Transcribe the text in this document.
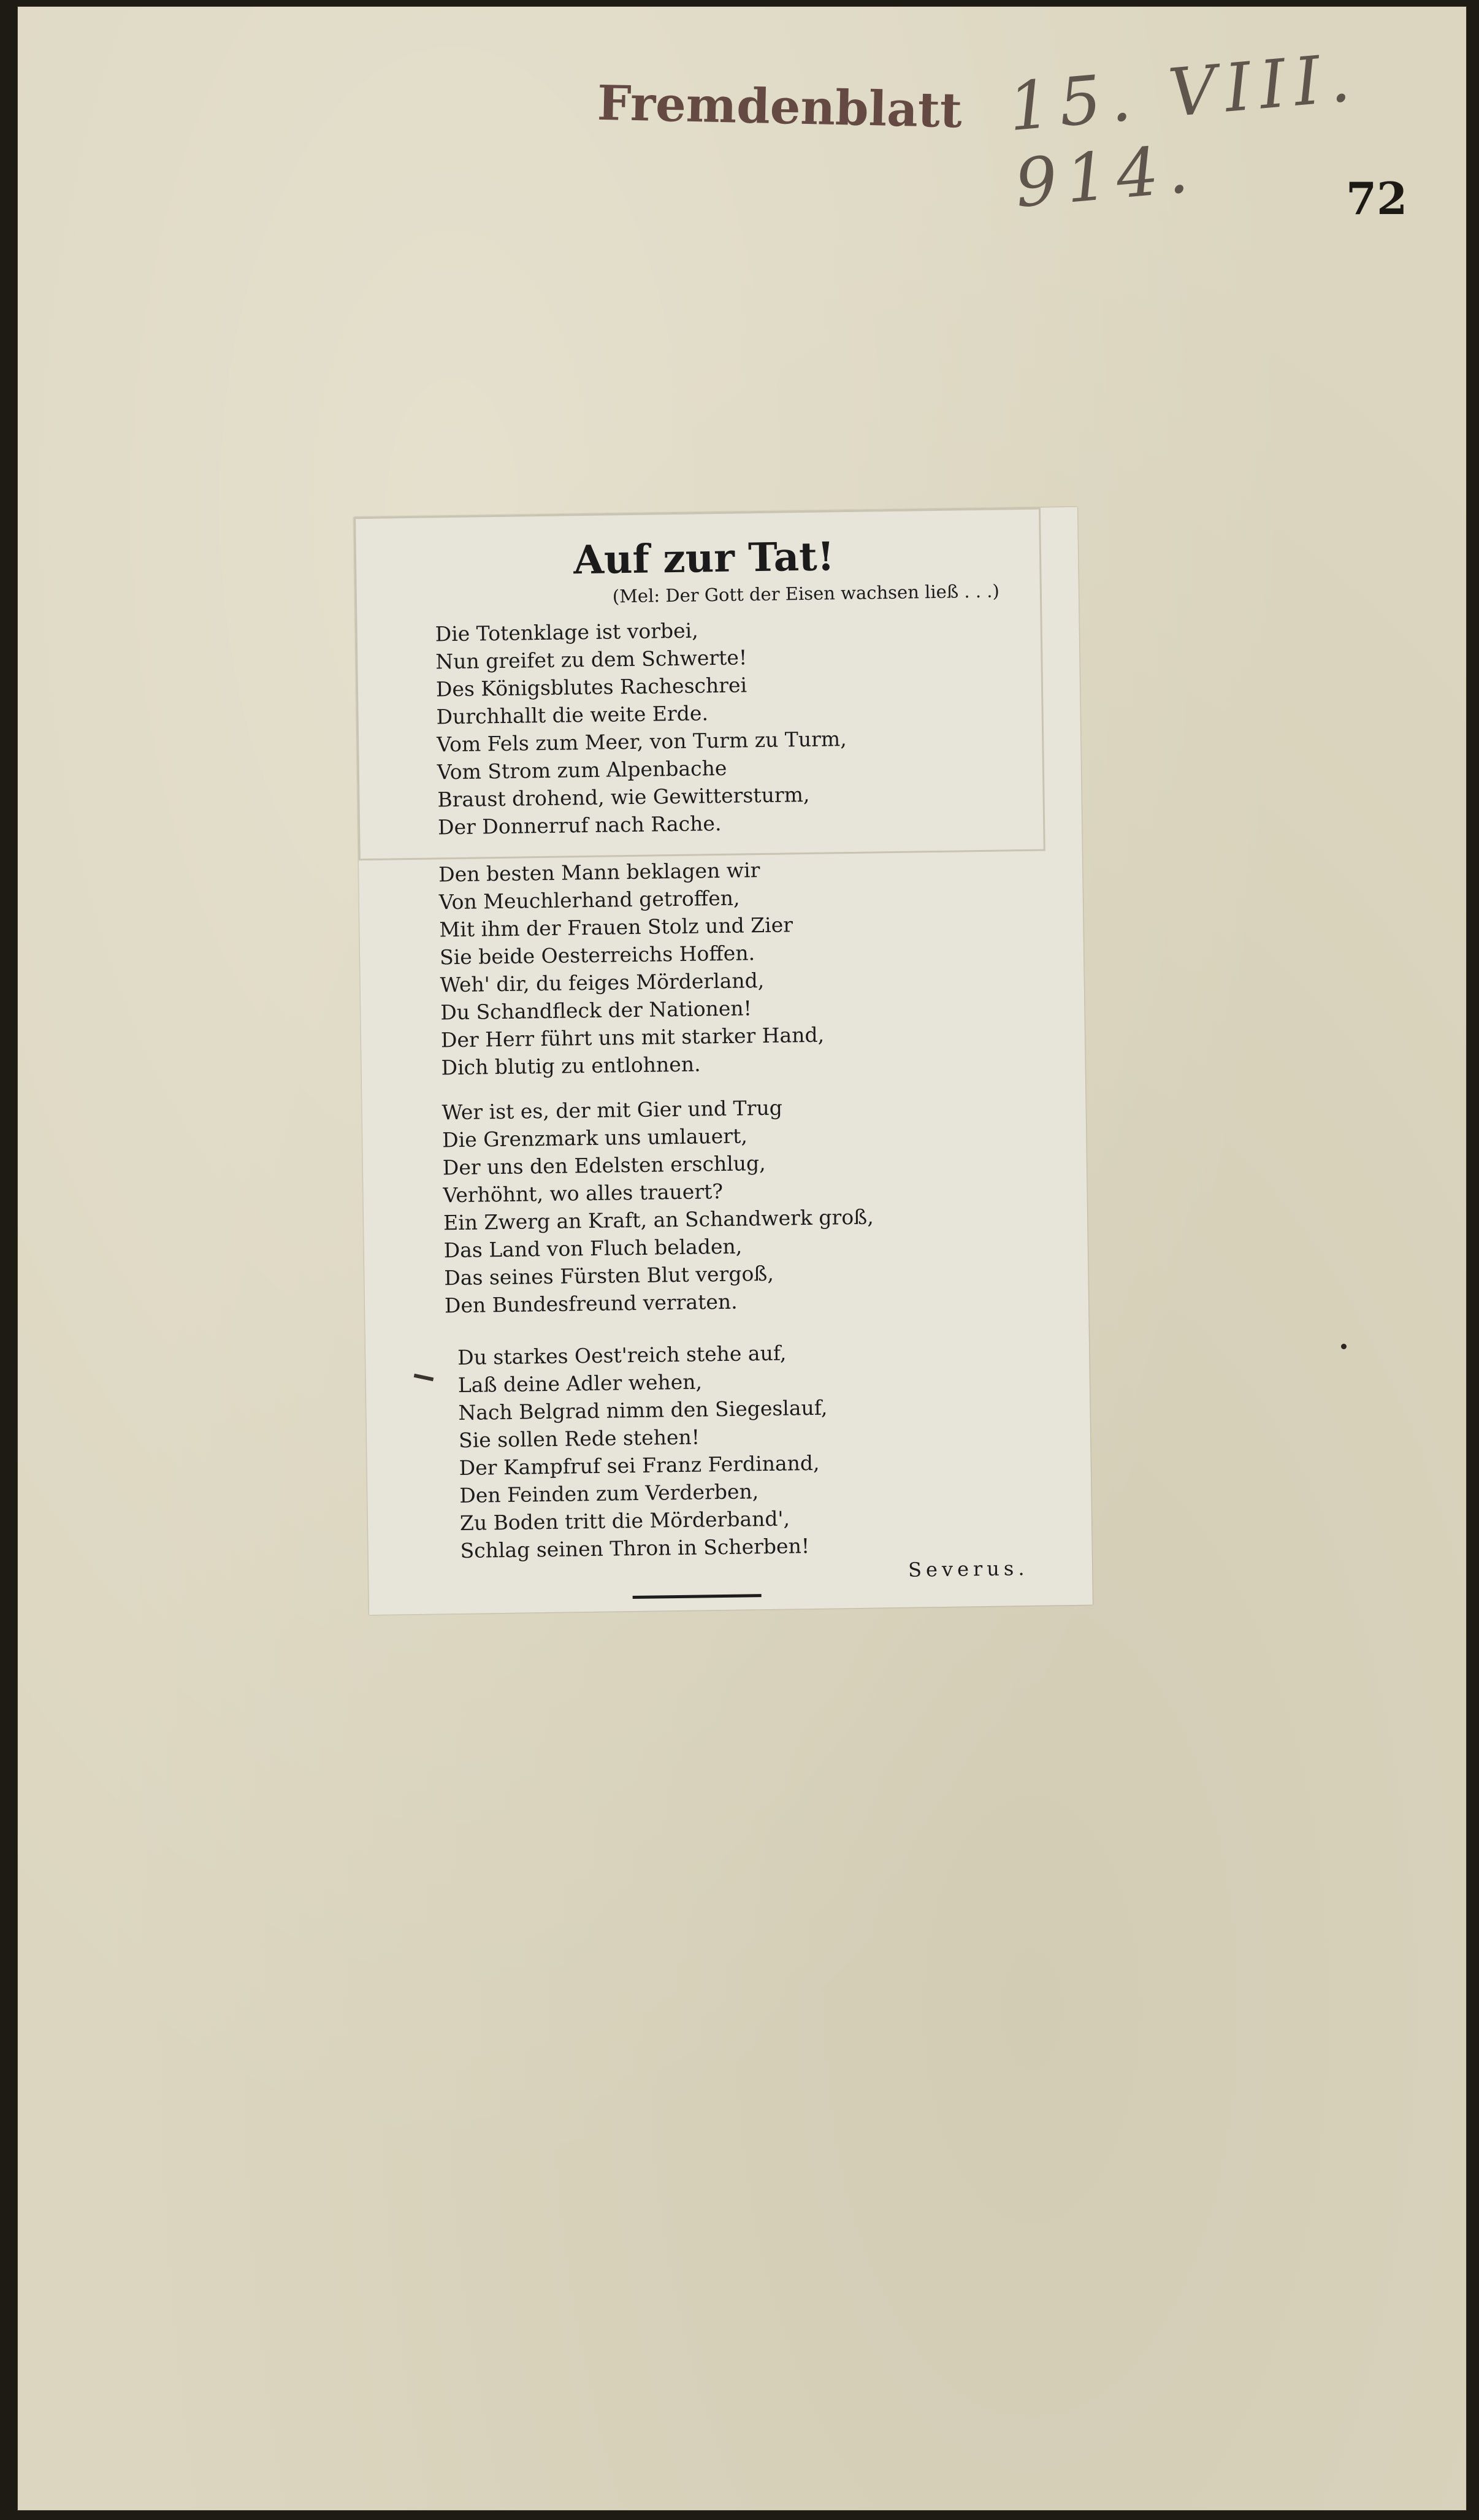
Fremdenblatt 15. VIII. 914.	72
Auf zur Tat!
(Mel: Der Gott der Eisen wachsen ließ . . .)
Die Totenklage ist vorbei,
Nun greifet zu dem Schwerte!
Des Königsblutes Racheschrei
Durchhallt die weite Erde.
Vom Fels zum Meer, von Turm zu Turm,
Vom Strom zum Alpenbache
Braust drohend, wie Gewittersturm,
Der Donnerruf nach Rache.
Den besten Mann beklagen wir
Von Meuchlerhand getroffen,
Mit ihm der Frauen Stolz und Zier
Sie beide Oesterreichs Hoffen.
Weh' dir, du feiges Mörderland,
Du Schandfleck der Nationen!
Der Herr führt uns mit starker Hand,
Dich blutig zu entlohnen.
Wer ist es, der mit Gier und Trug
Die Grenzmark uns umlauert,
Der uns den Edelsten erschlug,
Verhöhnt, wo alles trauert?
Ein Zwerg an Kraft, an Schandwerk groß,
Das Land von Fluch beladen,
Das seines Fürsten Blut vergoß,
Den Bundesfreund verraten.
Du starkes Oest'reich stehe auf,
Laß deine Adler wehen,
Nach Belgrad nimm den Siegeslauf,
Sie sollen Rede stehen!
Der Kampfruf sei Franz Ferdinand,
Den Feinden zum Verderben,
Zu Boden tritt die Mörderband',
Schlag seinen Thron in Scherben!
Severus.
